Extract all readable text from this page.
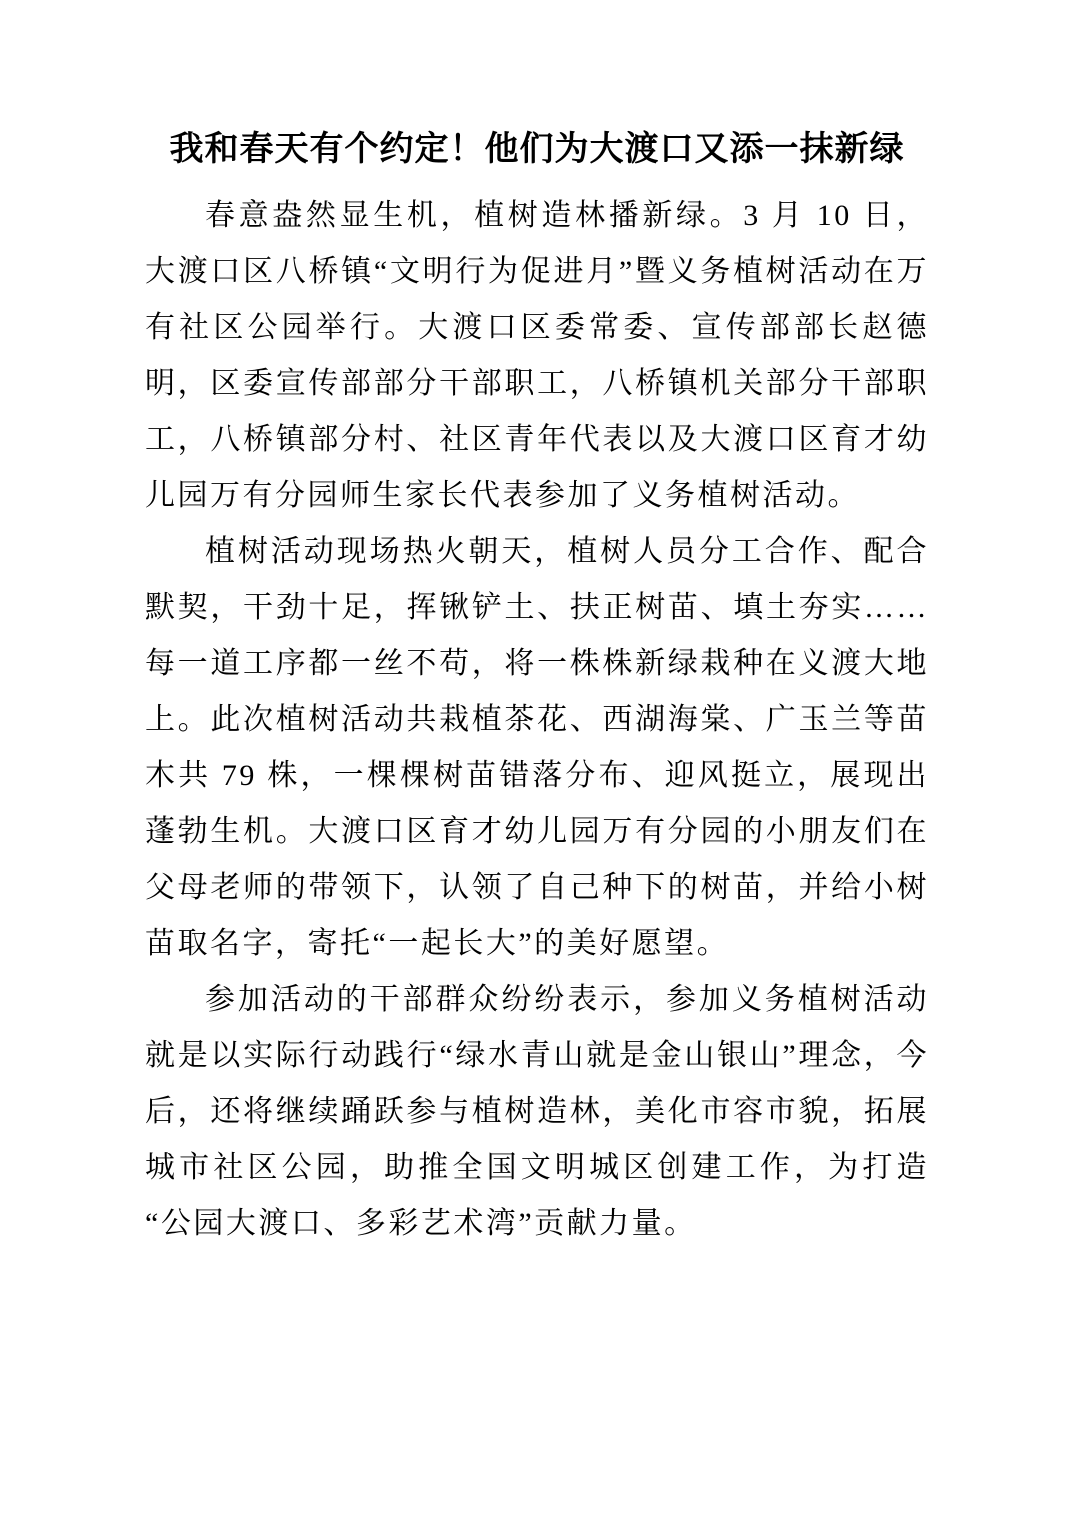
我和春天有个约定！他们为大渡口又添一抹新绿

春意盎然显生机，植树造林播新绿。3 月 10 日，大渡口区八桥镇“文明行为促进月”暨义务植树活动在万有社区公园举行。大渡口区委常委、宣传部部长赵德明，区委宣传部部分干部职工，八桥镇机关部分干部职工，八桥镇部分村、社区青年代表以及大渡口区育才幼儿园万有分园师生家长代表参加了义务植树活动。

植树活动现场热火朝天，植树人员分工合作、配合默契，干劲十足，挥锹铲土、扶正树苗、填土夯实……每一道工序都一丝不苟，将一株株新绿栽种在义渡大地上。此次植树活动共栽植茶花、西湖海棠、广玉兰等苗木共 79 株，一棵棵树苗错落分布、迎风挺立，展现出蓬勃生机。大渡口区育才幼儿园万有分园的小朋友们在父母老师的带领下，认领了自己种下的树苗，并给小树苗取名字，寄托“一起长大”的美好愿望。

参加活动的干部群众纷纷表示，参加义务植树活动就是以实际行动践行“绿水青山就是金山银山”理念，今后，还将继续踊跃参与植树造林，美化市容市貌，拓展城市社区公园，助推全国文明城区创建工作，为打造“公园大渡口、多彩艺术湾”贡献力量。
